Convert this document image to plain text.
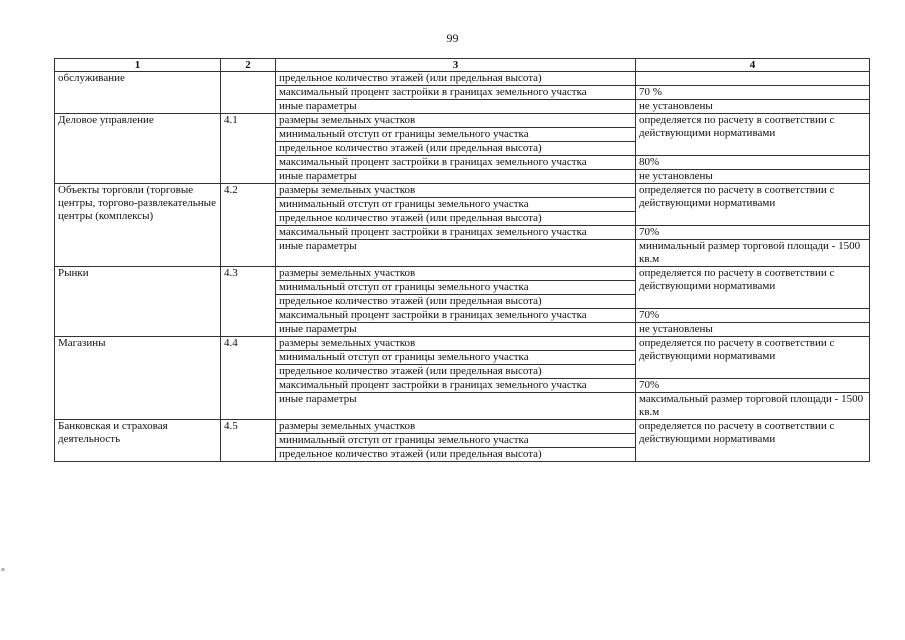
99
1	2	3	4
обслуживание		предельное количество этажей (или предельная высота)	
		максимальный процент застройки в границах земельного участка	70 %
		иные параметры	не установлены
Деловое управление	4.1	размеры земельных участков	определяется по расчету в соответствии с действующими нормативами
		минимальный отступ от границы земельного участка	
		предельное количество этажей (или предельная высота)	
		максимальный процент застройки в границах земельного участка	80%
		иные параметры	не установлены
Объекты торговли (торговые центры, торгово-развлекательные центры (комплексы)	4.2	размеры земельных участков	определяется по расчету в соответствии с действующими нормативами
		минимальный отступ от границы земельного участка	
		предельное количество этажей (или предельная высота)	
		максимальный процент застройки в границах земельного участка	70%
		иные параметры	минимальный размер торговой площади - 1500 кв.м
Рынки	4.3	размеры земельных участков	определяется по расчету в соответствии с действующими нормативами
		минимальный отступ от границы земельного участка	
		предельное количество этажей (или предельная высота)	
		максимальный процент застройки в границах земельного участка	70%
		иные параметры	не установлены
Магазины	4.4	размеры земельных участков	определяется по расчету в соответствии с действующими нормативами
		минимальный отступ от границы земельного участка	
		предельное количество этажей (или предельная высота)	
		максимальный процент застройки в границах земельного участка	70%
		иные параметры	максимальный размер торговой площади - 1500 кв.м
Банковская и страховая деятельность	4.5	размеры земельных участков	определяется по расчету в соответствии с действующими нормативами
		минимальный отступ от границы земельного участка	
		предельное количество этажей (или предельная высота)	
≡
